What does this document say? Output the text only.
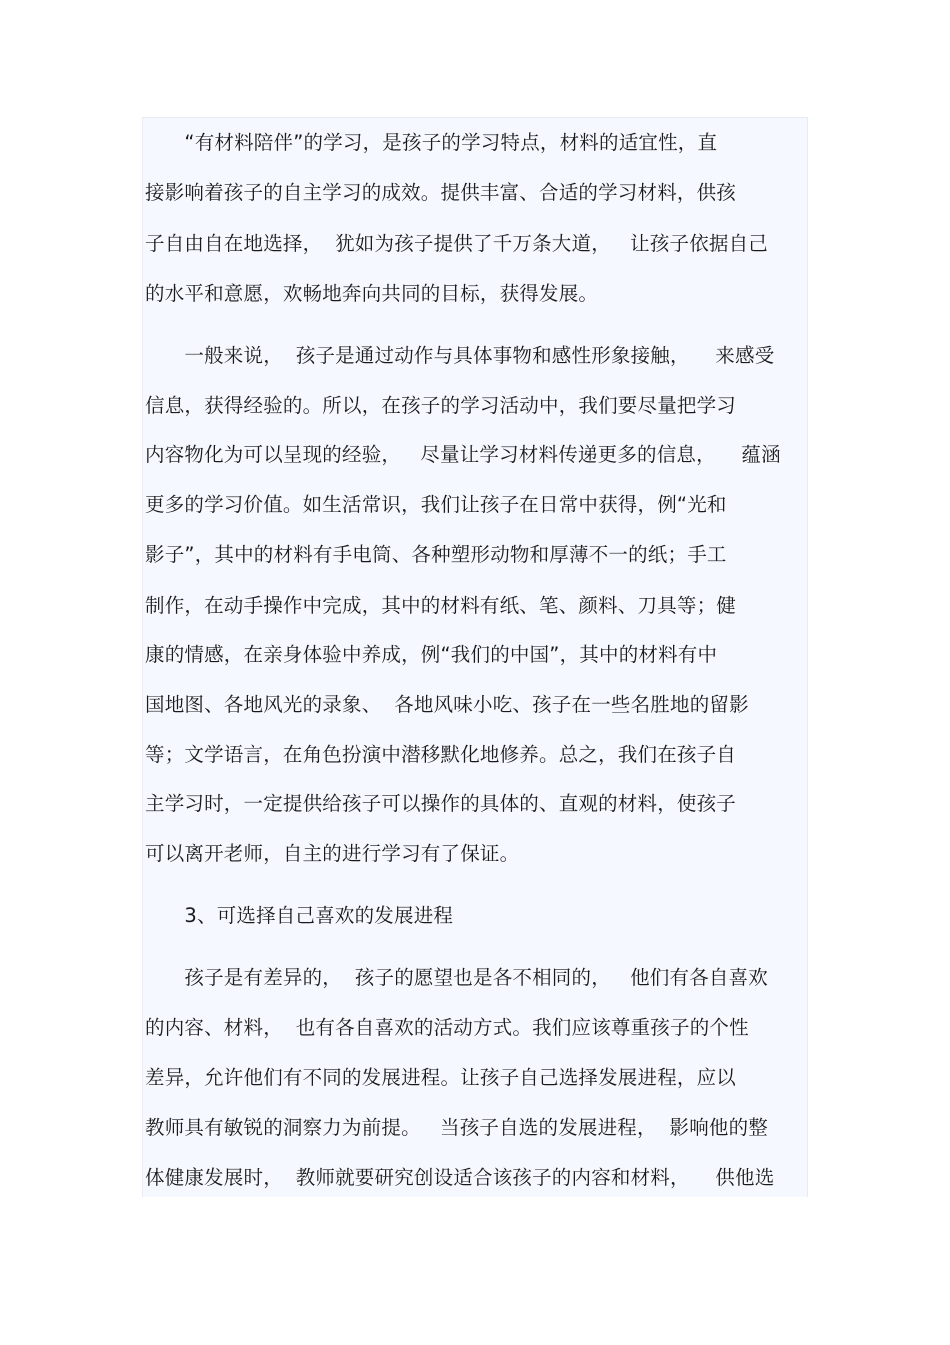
　　“有材料陪伴”的学习，是孩子的学习特点，材料的适宜性，直
接影响着孩子的自主学习的成效。提供丰富、合适的学习材料，供孩
子自由自在地选择，  犹如为孩子提供了千万条大道，   让孩子依据自己
的水平和意愿，欢畅地奔向共同的目标，获得发展。
　　一般来说，  孩子是通过动作与具体事物和感性形象接触，    来感受
信息，获得经验的。所以，在孩子的学习活动中，我们要尽量把学习
内容物化为可以呈现的经验，   尽量让学习材料传递更多的信息，    蕴涵
更多的学习价值。如生活常识，我们让孩子在日常中获得，例“光和
影子”，其中的材料有手电筒、各种塑形动物和厚薄不一的纸；手工
制作，在动手操作中完成，其中的材料有纸、笔、颜料、刀具等；健
康的情感，在亲身体验中养成，例“我们的中国”，其中的材料有中
国地图、各地风光的录象、  各地风味小吃、孩子在一些名胜地的留影
等；文学语言，在角色扮演中潜移默化地修养。总之，我们在孩子自
主学习时，一定提供给孩子可以操作的具体的、直观的材料，使孩子
可以离开老师，自主的进行学习有了保证。
　　3、可选择自己喜欢的发展进程
　　孩子是有差异的，  孩子的愿望也是各不相同的，   他们有各自喜欢
的内容、材料，  也有各自喜欢的活动方式。我们应该尊重孩子的个性
差异，允许他们有不同的发展进程。让孩子自己选择发展进程，应以
教师具有敏锐的洞察力为前提。   当孩子自选的发展进程，  影响他的整
体健康发展时，  教师就要研究创设适合该孩子的内容和材料，    供他选
